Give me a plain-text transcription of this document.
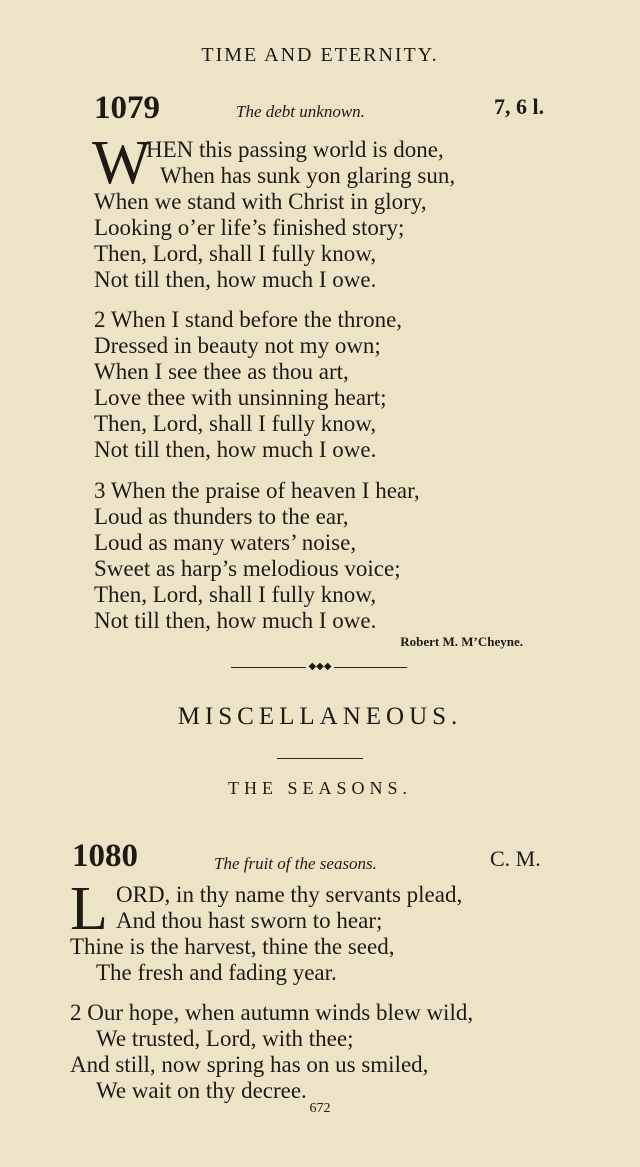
TIME AND ETERNITY.
1079	The debt unknown.	7, 6 l.
W
HEN this passing world is done,
When has sunk yon glaring sun,
When we stand with Christ in glory,
Looking o’er life’s finished story;
Then, Lord, shall I fully know,
Not till then, how much I owe.
2 When I stand before the throne,
Dressed in beauty not my own;
When I see thee as thou art,
Love thee with unsinning heart;
Then, Lord, shall I fully know,
Not till then, how much I owe.
3 When the praise of heaven I hear,
Loud as thunders to the ear,
Loud as many waters’ noise,
Sweet as harp’s melodious voice;
Then, Lord, shall I fully know,
Not till then, how much I owe.
Robert M. M’Cheyne.
◆◆◆
MISCELLANEOUS.
THE SEASONS.
1080	The fruit of the seasons.	C. M.
L ORD, in thy name thy servants plead,
And thou hast sworn to hear;
Thine is the harvest, thine the seed,
The fresh and fading year.
2 Our hope, when autumn winds blew wild,
We trusted, Lord, with thee;
And still, now spring has on us smiled,
We wait on thy decree.
672
